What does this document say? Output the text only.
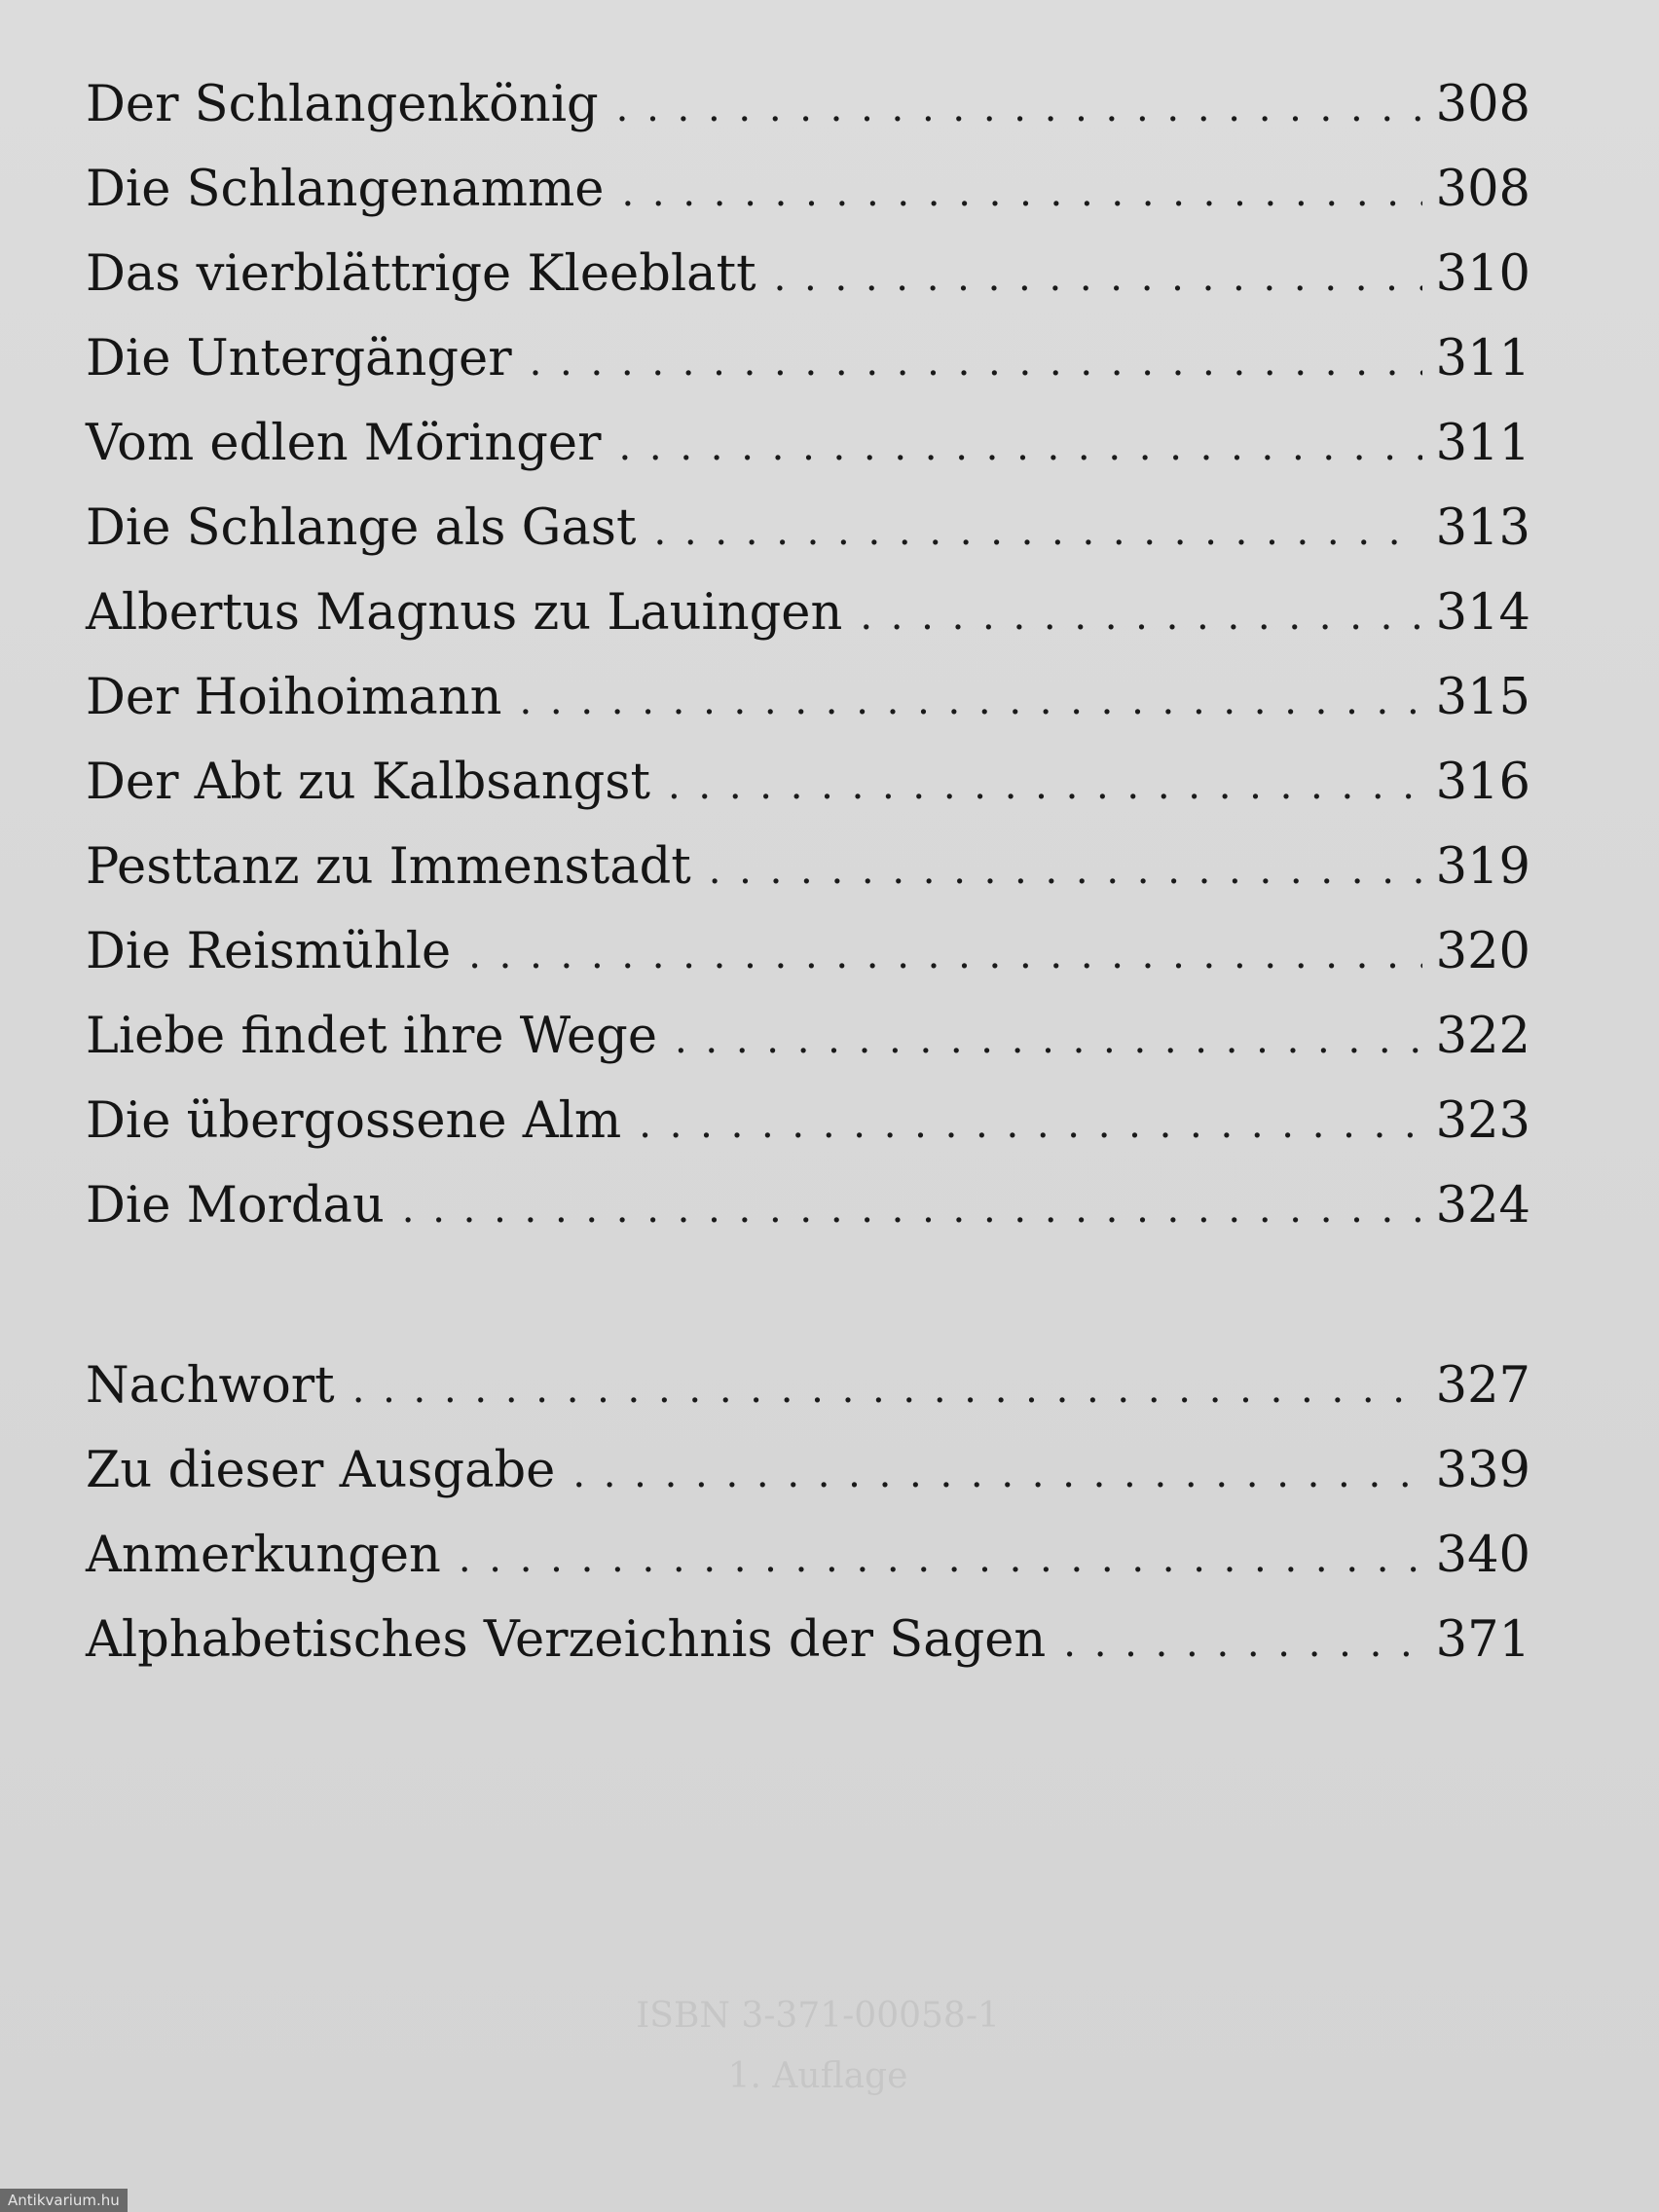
Der Schlangenkönig . . .	308
Die Schlangenamme . . .	308
Das vierblättrige Kleeblatt . . .	310
Die Untergänger . . .	311
Vom edlen Möringer . . .	311
Die Schlange als Gast . . .	313
Albertus Magnus zu Lauingen . . .	314
Der Hoihoimann . . .	315
Der Abt zu Kalbsangst . . .	316
Pesttanz zu Immenstadt . . .	319
Die Reismühle . . .	320
Liebe findet ihre Wege . . .	322
Die übergossene Alm . . .	323
Die Mordau . . .	324
Nachwort . . .	327
Zu dieser Ausgabe . . .	339
Anmerkungen . . .	340
Alphabetisches Verzeichnis der Sagen . . .	371
ISBN 3-371-00058-1
1. Auflage
Antikvarium.hu
